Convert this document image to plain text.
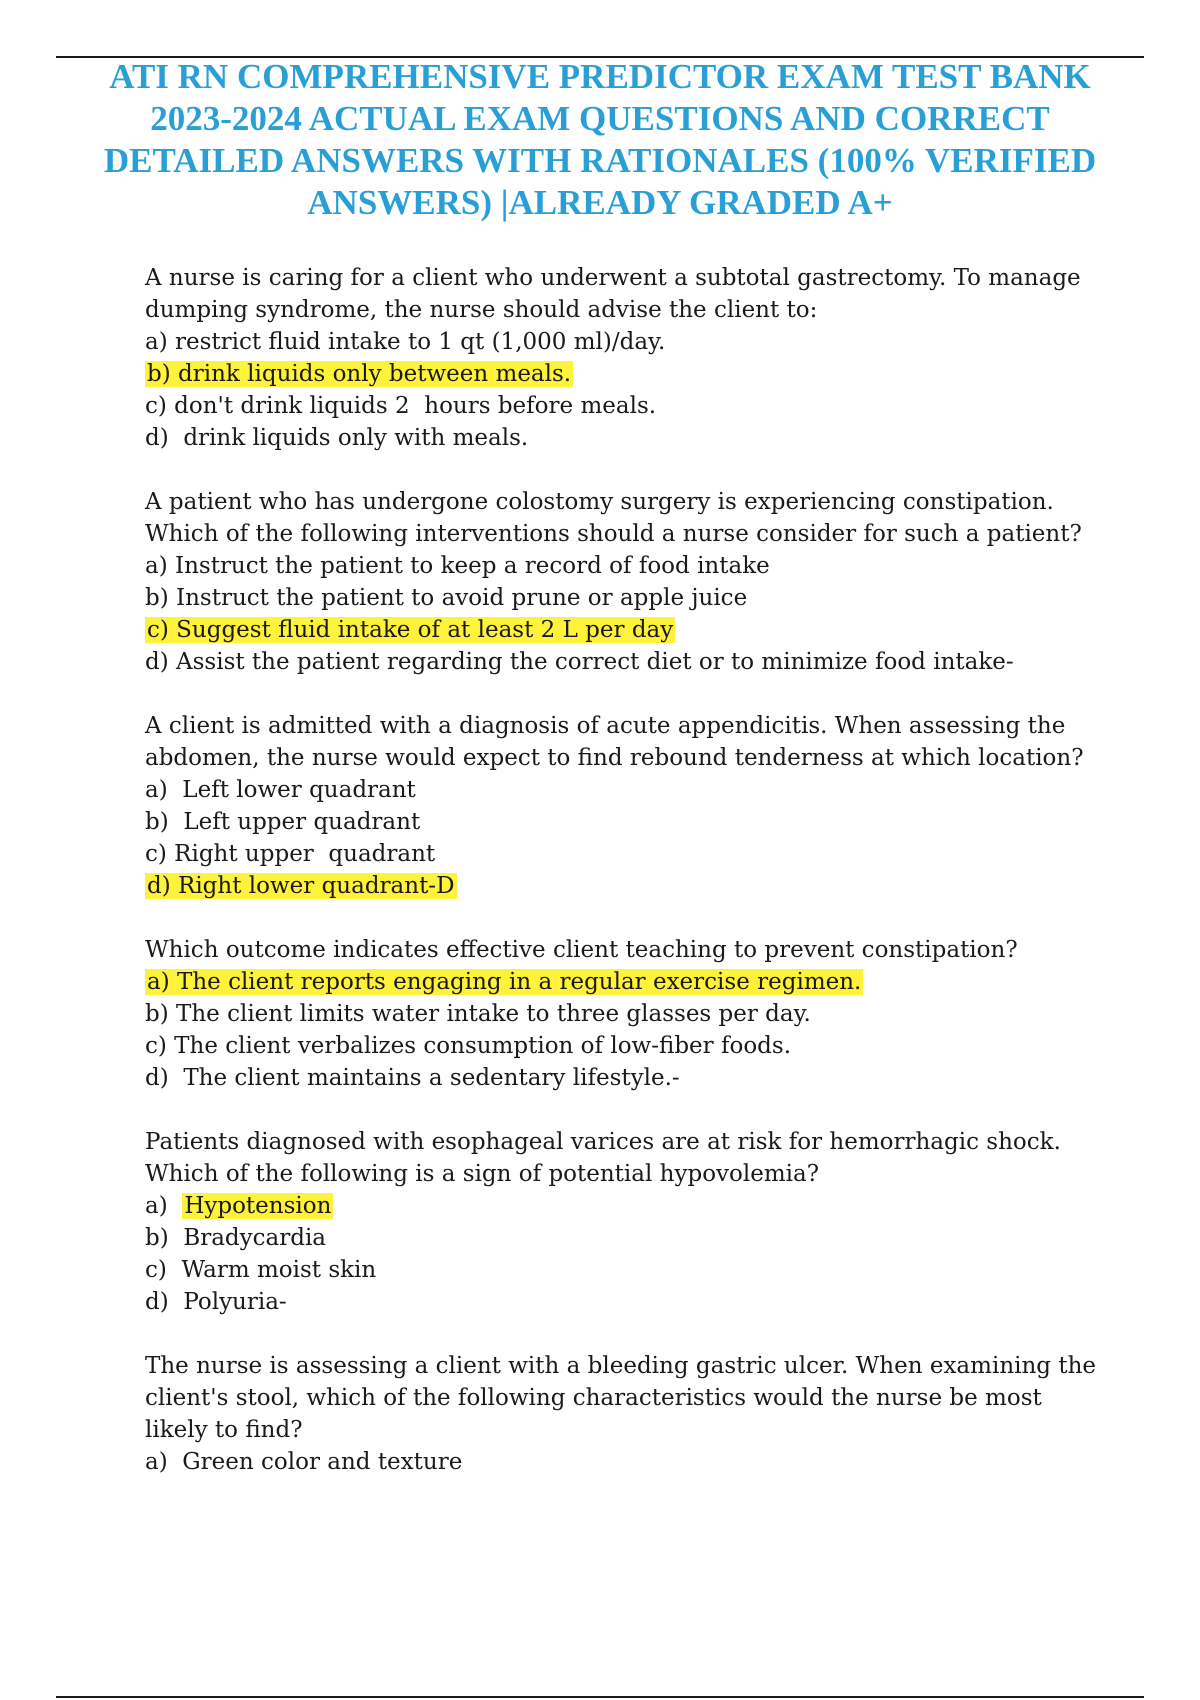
ATI RN COMPREHENSIVE PREDICTOR EXAM TEST BANK
2023-2024 ACTUAL EXAM QUESTIONS AND CORRECT
DETAILED ANSWERS WITH RATIONALES (100% VERIFIED
ANSWERS) |ALREADY GRADED A+

A nurse is caring for a client who underwent a subtotal gastrectomy. To manage
dumping syndrome, the nurse should advise the client to:

a) restrict fluid intake to 1 qt (1,000 ml)/day.
b) drink liquids only between meals.
c) don't drink liquids 2  hours before meals.
d)  drink liquids only with meals.

A patient who has undergone colostomy surgery is experiencing constipation.
Which of the following interventions should a nurse consider for such a patient?

a) Instruct the patient to keep a record of food intake
b) Instruct the patient to avoid prune or apple juice
c) Suggest fluid intake of at least 2 L per day
d) Assist the patient regarding the correct diet or to minimize food intake-

A client is admitted with a diagnosis of acute appendicitis. When assessing the
abdomen, the nurse would expect to find rebound tenderness at which location?

a)  Left lower quadrant
b)  Left upper quadrant
c) Right upper  quadrant
d) Right lower quadrant-D

Which outcome indicates effective client teaching to prevent constipation?

a) The client reports engaging in a regular exercise regimen.
b) The client limits water intake to three glasses per day.
c) The client verbalizes consumption of low-fiber foods.
d)  The client maintains a sedentary lifestyle.-

Patients diagnosed with esophageal varices are at risk for hemorrhagic shock.
Which of the following is a sign of potential hypovolemia?

a)  Hypotension
b)  Bradycardia
c)  Warm moist skin
d)  Polyuria-

The nurse is assessing a client with a bleeding gastric ulcer. When examining the
client's stool, which of the following characteristics would the nurse be most
likely to find?

a)  Green color and texture
